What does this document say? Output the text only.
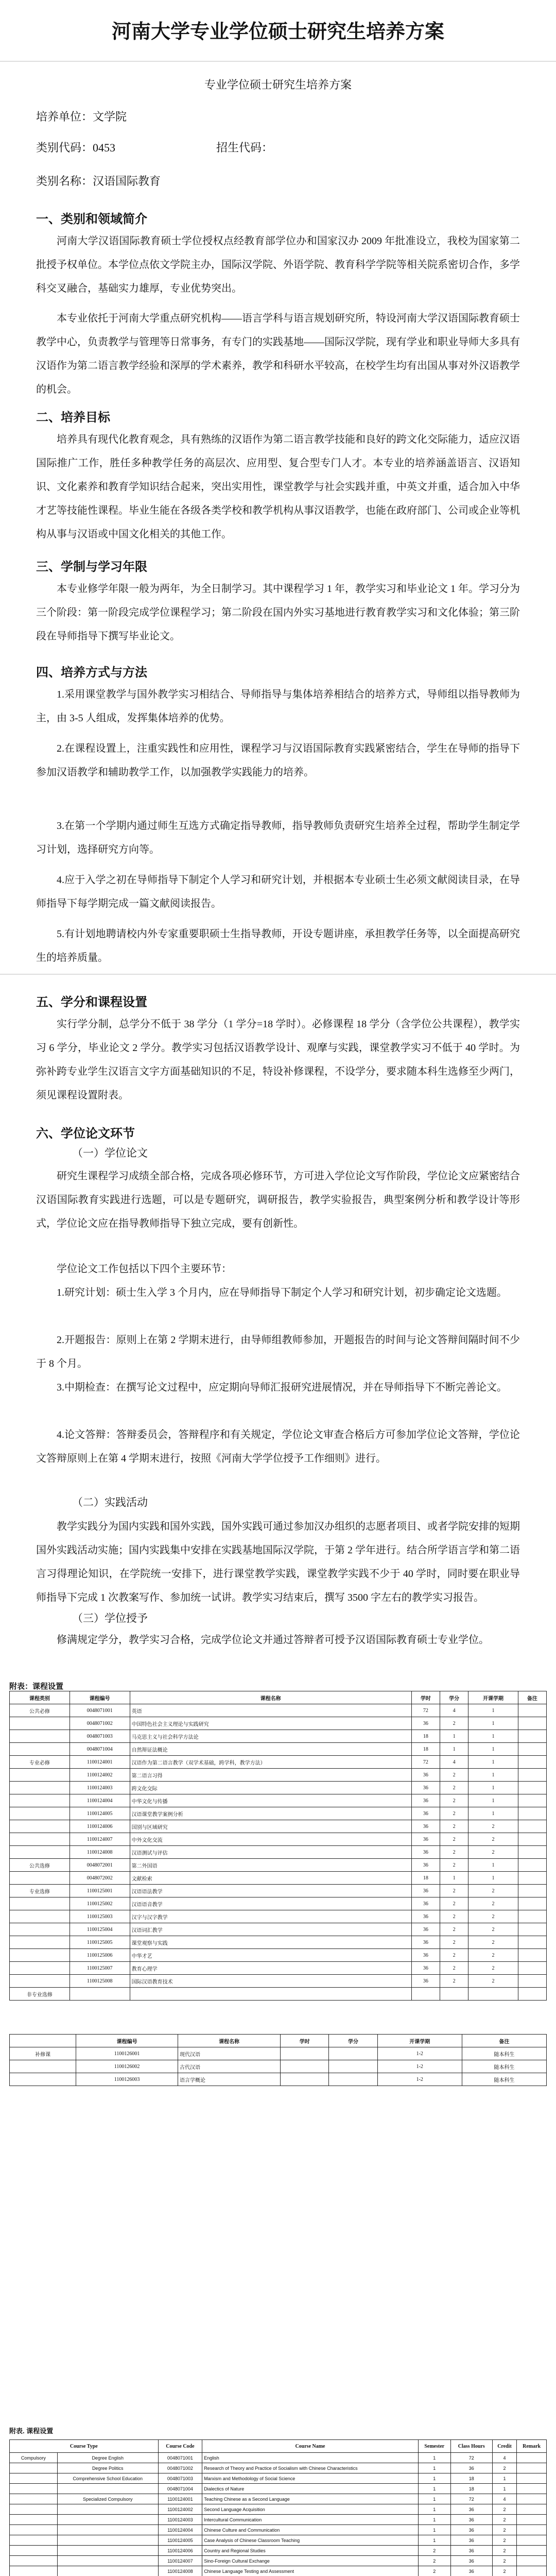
河南大学专业学位硕士研究生培养方案
专业学位硕士研究生培养方案
培养单位：文学院
类别代码：0453	招生代码：
类别名称：汉语国际教育
一、类别和领域简介
河南大学汉语国际教育硕士学位授权点经教育部学位办和国家汉办 2009 年批准设立，我校为国家第二批授予权单位。本学位点依文学院主办，国际汉学院、外语学院、教育科学学院等相关院系密切合作，多学科交叉融合，基础实力雄厚，专业优势突出。
本专业依托于河南大学重点研究机构——语言学科与语言规划研究所，特设河南大学汉语国际教育硕士教学中心，负责教学与管理等日常事务，有专门的实践基地——国际汉学院，现有学业和职业导师大多具有汉语作为第二语言教学经验和深厚的学术素养，教学和科研水平较高，在校学生均有出国从事对外汉语教学的机会。
二、培养目标
培养具有现代化教育观念，具有熟练的汉语作为第二语言教学技能和良好的跨文化交际能力，适应汉语国际推广工作，胜任多种教学任务的高层次、应用型、复合型专门人才。本专业的培养涵盖语言、汉语知识、文化素养和教育学知识结合起来，突出实用性，课堂教学与社会实践并重，中英文并重，适合加入中华才艺等技能性课程。毕业生能在各级各类学校和教学机构从事汉语教学，也能在政府部门、公司或企业等机构从事与汉语或中国文化相关的其他工作。
三、学制与学习年限
本专业修学年限一般为两年，为全日制学习。其中课程学习 1 年，教学实习和毕业论文 1 年。学习分为三个阶段：第一阶段完成学位课程学习；第二阶段在国内外实习基地进行教育教学实习和文化体验；第三阶段在导师指导下撰写毕业论文。
四、培养方式与方法
1.采用课堂教学与国外教学实习相结合、导师指导与集体培养相结合的培养方式，导师组以指导教师为主，由 3-5 人组成，发挥集体培养的优势。
2.在课程设置上，注重实践性和应用性，课程学习与汉语国际教育实践紧密结合，学生在导师的指导下参加汉语教学和辅助教学工作，以加强教学实践能力的培养。
3.在第一个学期内通过师生互选方式确定指导教师，指导教师负责研究生培养全过程，帮助学生制定学习计划，选择研究方向等。
4.应于入学之初在导师指导下制定个人学习和研究计划，并根据本专业硕士生必须文献阅读目录，在导师指导下每学期完成一篇文献阅读报告。
5.有计划地聘请校内外专家重要职硕士生指导教师，开设专题讲座，承担教学任务等，以全面提高研究生的培养质量。
五、学分和课程设置
实行学分制，总学分不低于 38 学分（1 学分=18 学时）。必修课程 18 学分（含学位公共课程），教学实习 6 学分，毕业论文 2 学分。教学实习包括汉语教学设计、观摩与实践，课堂教学实习不低于 40 学时。为弥补跨专业学生汉语言文字方面基础知识的不足，特设补修课程，不设学分，要求随本科生选修至少两门，须见课程设置附表。
六、学位论文环节
（一）学位论文
研究生课程学习成绩全部合格，完成各项必修环节，方可进入学位论文写作阶段，学位论文应紧密结合汉语国际教育实践进行选题，可以是专题研究，调研报告，教学实验报告，典型案例分析和教学设计等形式，学位论文应在指导教师指导下独立完成，要有创新性。
学位论文工作包括以下四个主要环节：
1.研究计划：硕士生入学 3 个月内，应在导师指导下制定个人学习和研究计划，初步确定论文选题。
2.开题报告：原则上在第 2 学期末进行，由导师组教师参加，开题报告的时间与论文答辩间隔时间不少于 8 个月。
3.中期检查：在撰写论文过程中，应定期向导师汇报研究进展情况，并在导师指导下不断完善论文。
4.论文答辩：答辩委员会，答辩程序和有关规定，学位论文审查合格后方可参加学位论文答辩，学位论文答辩原则上在第 4 学期末进行，按照《河南大学学位授予工作细则》进行。
（二）实践活动
教学实践分为国内实践和国外实践，国外实践可通过参加汉办组织的志愿者项目、或者学院安排的短期国外实践活动实施；国内实践集中安排在实践基地国际汉学院，于第 2 学年进行。结合所学语言学和第二语言习得理论知识，在学院统一安排下，进行课堂教学实践，课堂教学实践不少于 40 学时，同时要在职业导师指导下完成 1 次教案写作、参加统一试讲。教学实习结束后，撰写 3500 字左右的教学实习报告。
（三）学位授予
修满规定学分，教学实习合格，完成学位论文并通过答辩者可授予汉语国际教育硕士专业学位。
附表：课程设置
课程类别	课程编号	课程名称	学时	学分	开课学期	备注
公共必修	0048071001	英语	72	4	1	
	0048071002	中国特色社会主义理论与实践研究	36	2	1	
	0048071003	马克思主义与社会科学方法论	18	1	1	
	0048071004	自然辩证法概论	18	1	1	
专业必修	1100124001	汉语作为第二语言教学（双学术基础，跨学科，教学方法）	72	4	1	
	1100124002	第二语言习得	36	2	1	
	1100124003	跨文化交际	36	2	1	
	1100124004	中华文化与传播	36	2	1	
	1100124005	汉语课堂教学案例分析	36	2	1	
	1100124006	国别与区域研究	36	2	2	
	1100124007	中外文化交流	36	2	2	
	1100124008	汉语测试与评估	36	2	2	
公共选修	0048072001	第二外国语	36	2	1	
	0048072002	文献检索	18	1	1	
专业选修	1100125001	汉语语法教学	36	2	2	
	1100125002	汉语语音教学	36	2	2	
	1100125003	汉字与汉字教学	36	2	2	
	1100125004	汉语词汇教学	36	2	2	
	1100125005	课堂观察与实践	36	2	2	
	1100125006	中华才艺	36	2	2	
	1100125007	教育心理学	36	2	2	
	1100125008	国际汉语教育技术	36	2	2	
非专业选修						
	课程编号	课程名称	学时	学分	开课学期	备注
补修课	1100126001	现代汉语			1-2	随本科生
	1100126002	古代汉语			1-2	随本科生
	1100126003	语言学概论			1-2	随本科生
附表. 课程设置
Course Type		Course Code	Course Name	Semester	Class Hours	Credit	Remark
Compulsory	Degree English	0048071001	English	1	72	4	
	Degree Politics	0048071002	Research of Theory and Practice of Socialism with Chinese Characteristics	1	36	2	
	Comprehensive School Education	0048071003	Marxism and Methodology of Social Science	1	18	1	
		0048071004	Dialectics of Nature	1	18	1	
	Specialized Compulsory	1100124001	Teaching Chinese as a Second Language	1	72	4	
		1100124002	Second Language Acquisition	1	36	2	
		1100124003	Intercultural Communication	1	36	2	
		1100124004	Chinese Culture and Communication	1	36	2	
		1100124005	Case Analysis of Chinese Classroom Teaching	1	36	2	
		1100124006	Country and Regional Studies	2	36	2	
		1100124007	Sino-Foreign Cultural Exchange	2	36	2	
		1100124008	Chinese Language Testing and Assessment	2	36	2	
